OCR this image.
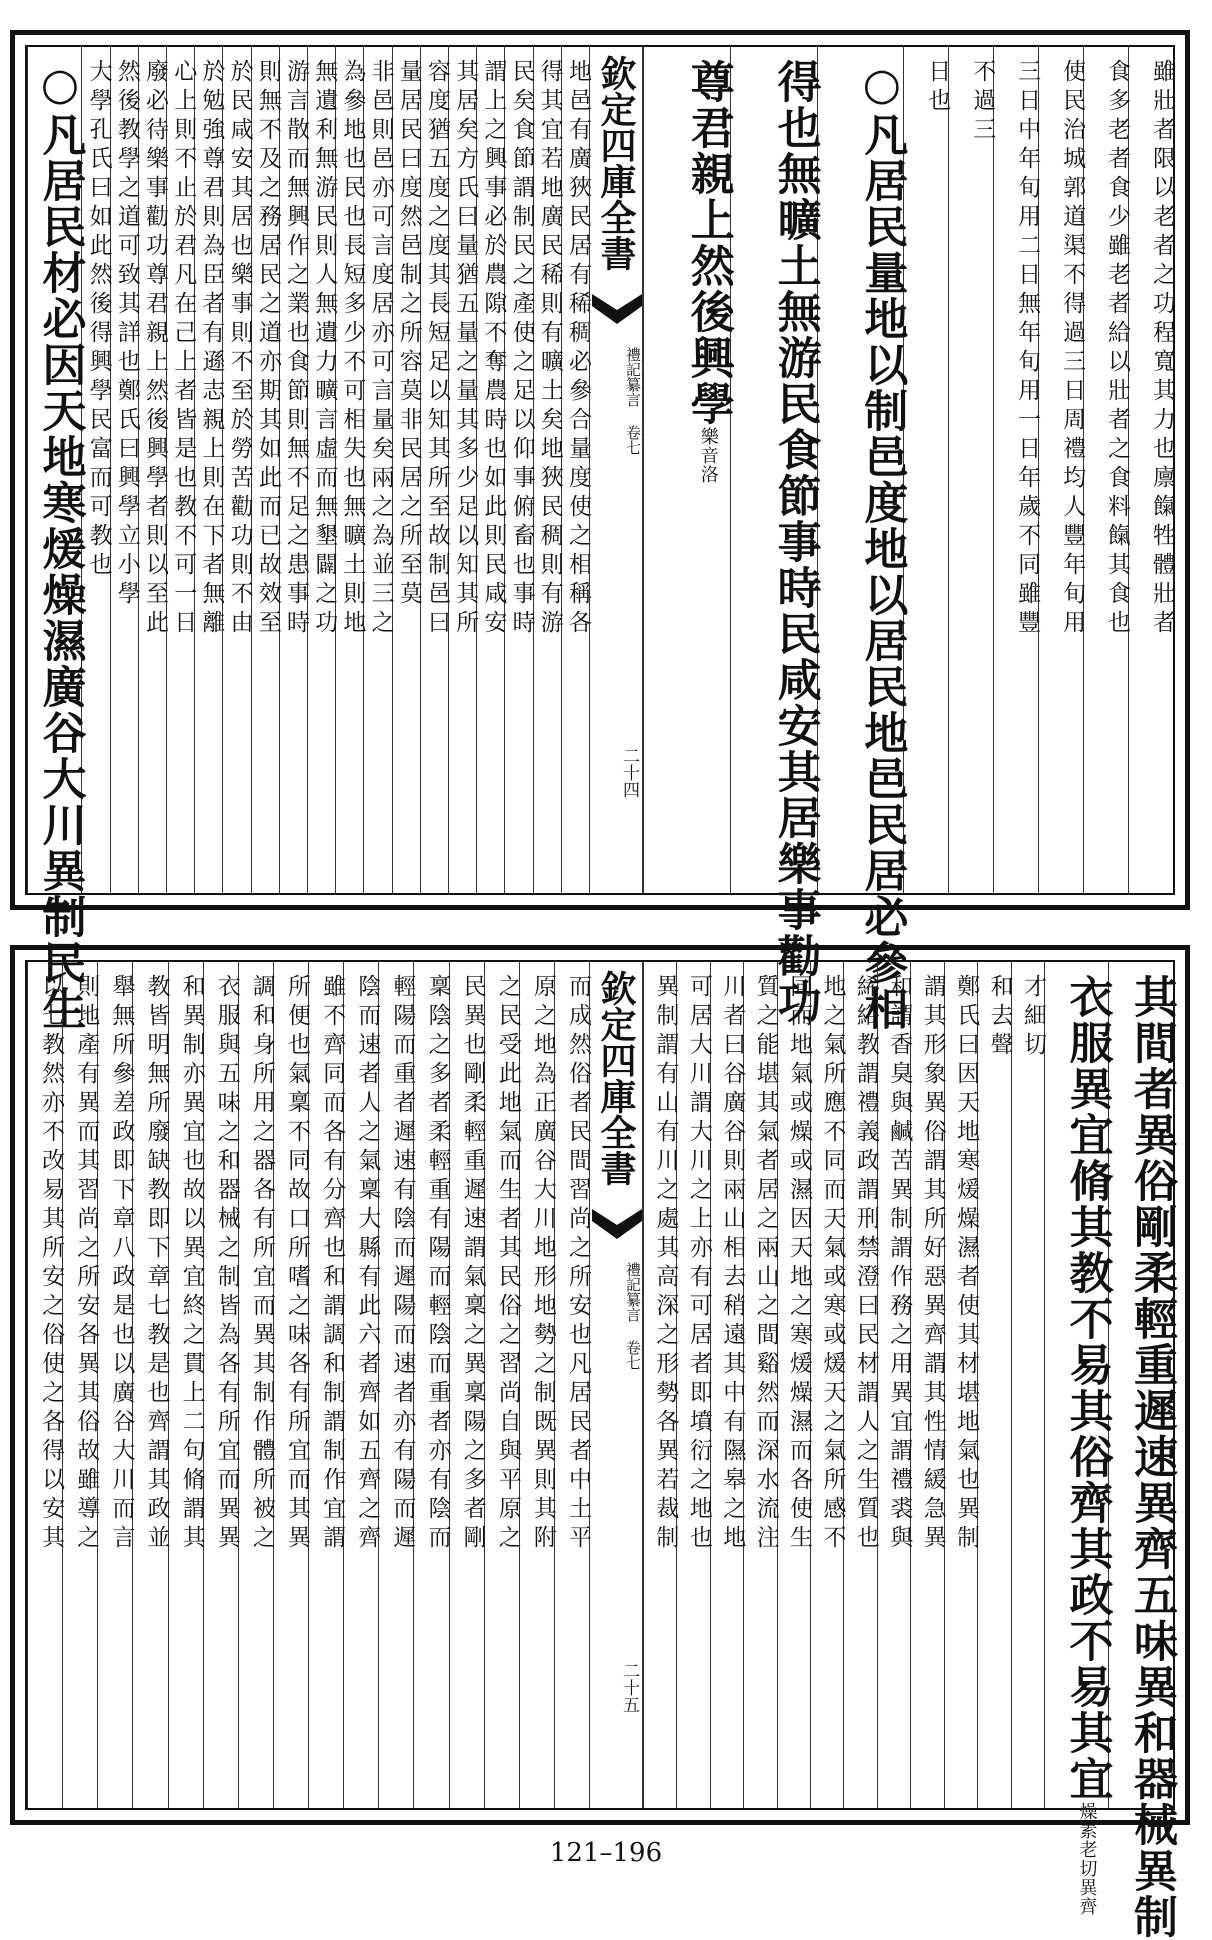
雖壯者限以老者之功程寬其力也廪餼牲體壯者
食多老者食少雖老者給以壯者之食料餼其食也
使民治城郭道渠不得過三日周禮均人豐年旬用
三日中年旬用二日無年旬用一日年歲不同雖豐
不過三
日也
○凡居民量地以制邑度地以居民地邑民居必參相
得也無曠土無游民食節事時民咸安其居樂事勸功
尊君親上然後興學樂音洛
地邑有廣狹民居有稀稠必參合量度使之相稱各
得其宜若地廣民稀則有曠土矣地狹民稠則有游
民矣食節謂制民之產使之足以仰事俯畜也事時
謂上之興事必於農隙不奪農時也如此則民咸安
其居矣方氏曰量猶五量之量其多少足以知其所
容度猶五度之度其長短足以知其所至故制邑曰
量居民曰度然邑制之所容莫非民居之所至莫
非邑則邑亦可言度居亦可言量矣兩之為並三之
為參地也民也長短多少不可相失也無曠土則地
無遺利無游民則人無遺力曠言虛而無墾闢之功
游言散而無興作之業也食節則無不足之患事時
則無不及之務居民之道亦期其如此而已故效至
於民咸安其居也樂事則不至於勞苦勸功則不由
於勉強尊君則為臣者有遜志親上則在下者無離
心上則不止於君凡在己上者皆是也教不可一日
廢必待樂事勸功尊君親上然後興學者則以至此
然後教學之道可致其詳也鄭氏曰興學立小學
大學孔氏曰如此然後得興學民富而可教也
○凡居民材必因天地寒煖燥濕廣谷大川異制民生	欽定四庫全書
禮記纂言 卷七
二十四
其間者異俗剛柔輕重遲速異齊五味異和器械異制
衣服異宜脩其教不易其俗齊其政不易其宜燥素老切異齊
才細切
和去聲
鄭氏曰因天地寒煖燥濕者使其材堪地氣也異制
謂其形象異俗謂其所好惡異齊謂其性情緩急異
和謂香臭與鹹苦異制謂作務之用異宜謂禮裘與
絺綌教謂禮義政謂刑禁澄曰民材謂人之生質也
地之氣所應不同而天氣或寒或煖天之氣所感不
同而地氣或燥或濕因天地之寒煖燥濕而各使生
質之能堪其氣者居之兩山之間谿然而深水流注
川者曰谷廣谷則兩山相去稍遠其中有隰皋之地
可居大川謂大川之上亦有可居者即墳衍之地也
異制謂有山有川之處其高深之形勢各異若裁制
而成然俗者民間習尚之所安也凡居民者中土平
原之地為正廣谷大川地形地勢之制既異則其附
之民受此地氣而生者其民俗之習尚自與平原之
民異也剛柔輕重遲速謂氣稟之異稟陽之多者剛
稟陰之多者柔輕重有陽而輕陰而重者亦有陰而
輕陽而重者遲速有陰而遲陽而速者亦有陽而遲
陰而速者人之氣稟大縣有此六者齊如五齊之齊
雖不齊同而各有分齊也和謂調和制謂制作宜謂
所便也氣稟不同故口所嗜之味各有所宜而其異
調和身所用之器各有所宜而異其制作體所被之
衣服與五味之和器械之制皆為各有所宜而異異
和異制亦異宜也故以異宜終之貫上二句脩謂其
教皆明無所廢缺教即下章七教是也齊謂其政並
舉無所參差政即下章八政是也以廣谷大川而言
則地產有異而其習尚之所安各異其俗故雖導之
以七教然亦不改易其所安之俗使之各得以安其	欽定四庫全書
禮記纂言 卷七
二十五
121–196
